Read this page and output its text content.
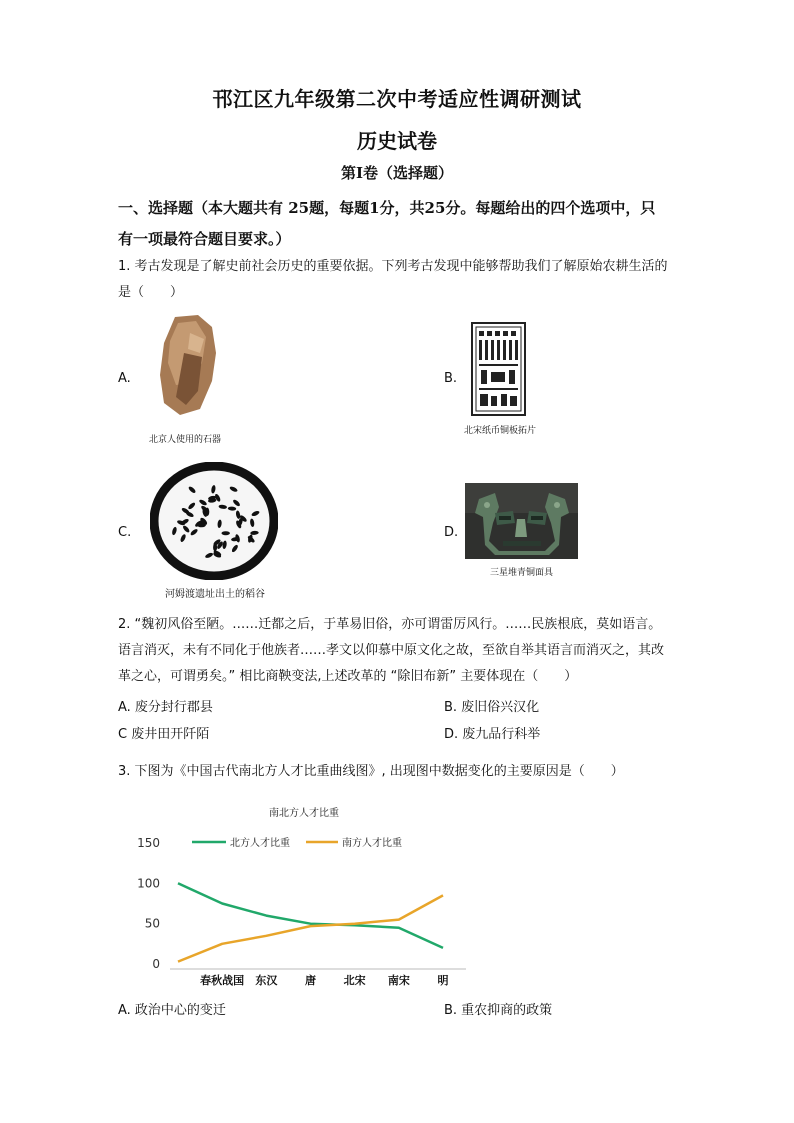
邗江区九年级第二次中考适应性调研测试
历史试卷
第Ⅰ卷（选择题）
一、选择题（本大题共有 25题，每题1分，共25分。每题给出的四个选项中，只
有一项最符合题目要求。）
1. 考古发现是了解史前社会历史的重要依据。下列考古发现中能够帮助我们了解原始农耕生活的
是（　　）
A.
北京人使用的石器
B.
北宋纸币铜板拓片
C.
河姆渡遗址出土的稻谷
D.
三星堆青铜面具
2. “魏初风俗至陋。……迁都之后，于革易旧俗，亦可谓雷厉风行。……民族根底，莫如语言。
语言消灭，未有不同化于他族者……孝文以仰慕中原文化之故，至欲自举其语言而消灭之，其改
革之心，可谓勇矣。” 相比商鞅变法,上述改革的 “除旧布新” 主要体现在（　　）
A. 废分封行郡县	B. 废旧俗兴汉化
C 废井田开阡陌	D. 废九品行科举
3. 下图为《中国古代南北方人才比重曲线图》, 出现图中数据变化的主要原因是（　　）
南北方人才比重
北方人才比重	南方人才比重
150
100
50
0
春秋战国 东汉	唐	北宋 南宋	明
A. 政治中心的变迁	B. 重农抑商的政策
